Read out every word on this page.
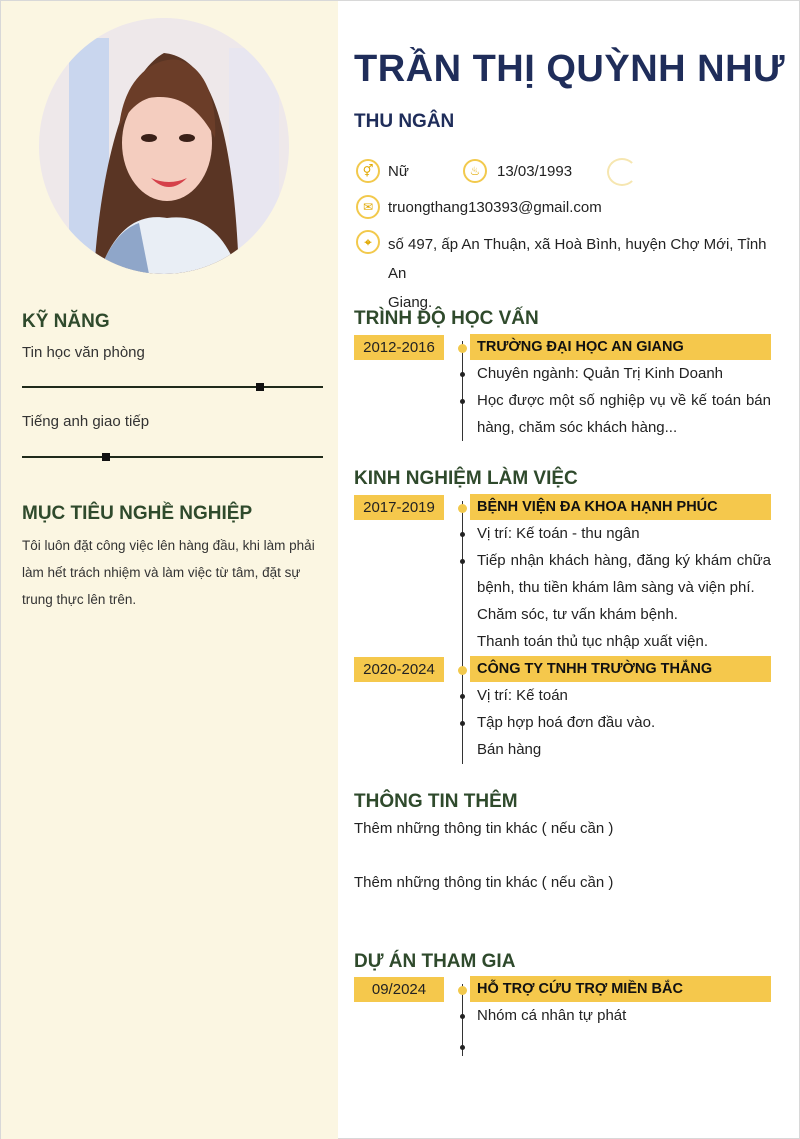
KỸ NĂNG
Tin học văn phòng
Tiếng anh giao tiếp
MỤC TIÊU NGHỀ NGHIỆP
Tôi luôn đặt công việc lên hàng đầu, khi làm phải làm hết trách nhiệm và làm việc từ tâm, đặt sự trung thực lên trên.
TRẦN THỊ QUỲNH NHƯ
THU NGÂN
⚥ Nữ	♨	13/03/1993
✉ truongthang130393@gmail.com
⌖	số 497, ấp An Thuận, xã Hoà Bình, huyện Chợ Mới, Tỉnh An
Giang.
TRÌNH ĐỘ HỌC VẤN
2012-2016	TRƯỜNG ĐẠI HỌC AN GIANG
Chuyên ngành: Quản Trị Kinh Doanh
Học được một số nghiệp vụ về kế toán bán
hàng, chăm sóc khách hàng...
KINH NGHIỆM LÀM VIỆC
2017-2019	BỆNH VIỆN ĐA KHOA HẠNH PHÚC
Vị trí: Kế toán - thu ngân
Tiếp nhận khách hàng, đăng ký khám chữa
bệnh, thu tiền khám lâm sàng và viện phí.
Chăm sóc, tư vấn khám bệnh.
Thanh toán thủ tục nhập xuất viện.
2020-2024	CÔNG TY TNHH TRƯỜNG THẮNG
Vị trí: Kế toán
Tập hợp hoá đơn đầu vào.
Bán hàng
THÔNG TIN THÊM
Thêm những thông tin khác ( nếu cần )
Thêm những thông tin khác ( nếu cần )
DỰ ÁN THAM GIA
09/2024	HỖ TRỢ CỨU TRỢ MIỀN BẮC
Nhóm cá nhân tự phát
